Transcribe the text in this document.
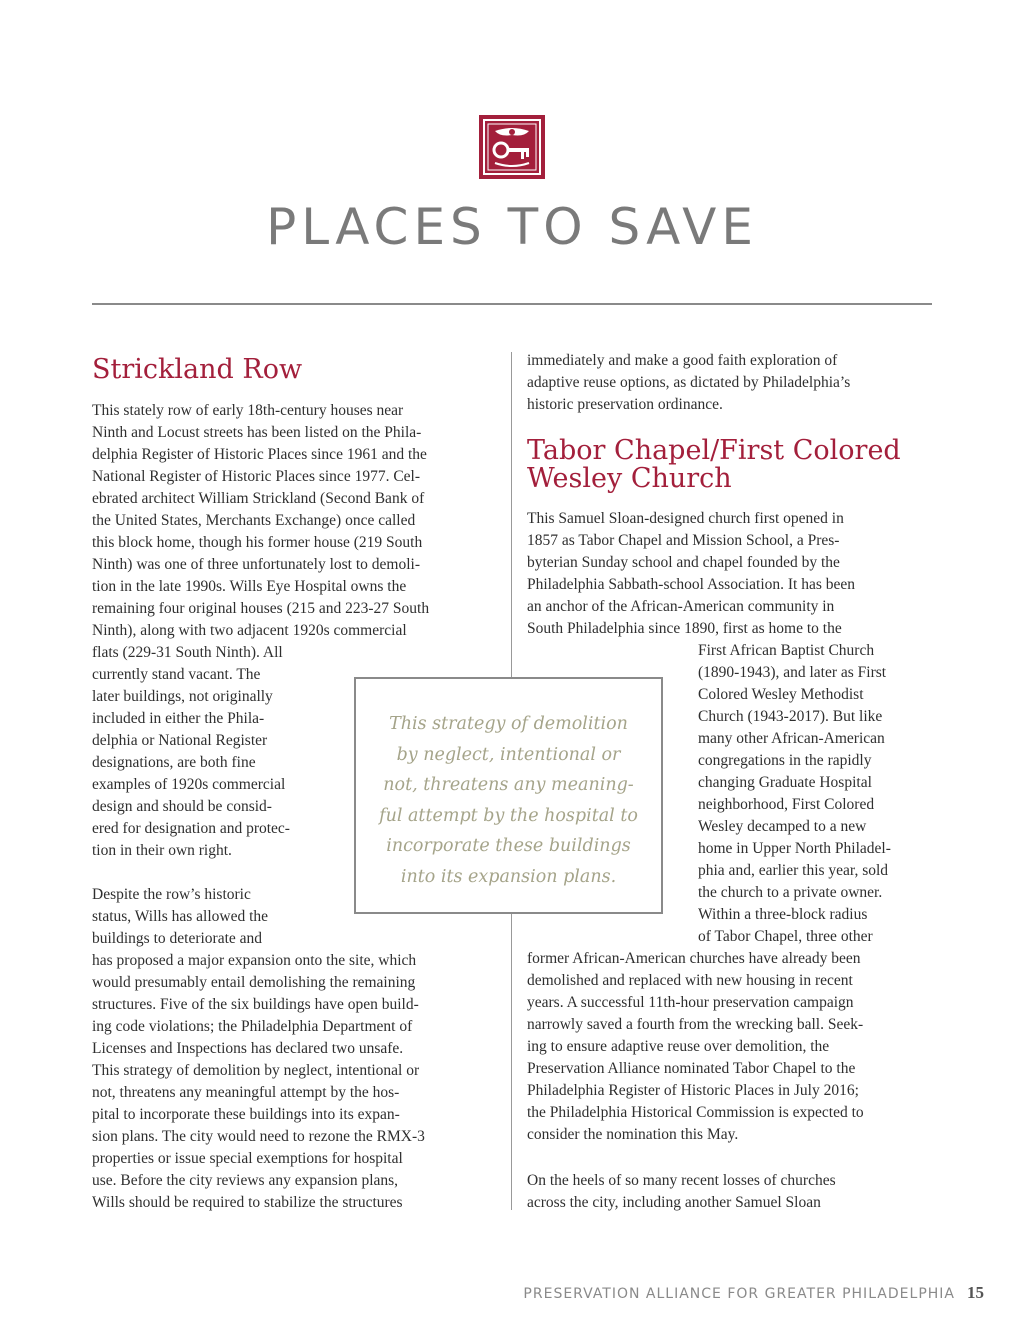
PLACES TO SAVE
Strickland Row
This stately row of early 18th-century houses near
Ninth and Locust streets has been listed on the Phila-
delphia Register of Historic Places since 1961 and the
National Register of Historic Places since 1977. Cel-
ebrated architect William Strickland (Second Bank of
the United States, Merchants Exchange) once called
this block home, though his former house (219 South
Ninth) was one of three unfortunately lost to demoli-
tion in the late 1990s. Wills Eye Hospital owns the
remaining four original houses (215 and 223-27 South
Ninth), along with two adjacent 1920s commercial
flats (229-31 South Ninth). All
currently stand vacant. The
later buildings, not originally
included in either the Phila-
delphia or National Register
designations, are both fine
examples of 1920s commercial
design and should be consid-
ered for designation and protec-
tion in their own right.
Despite the row’s historic
status, Wills has allowed the
buildings to deteriorate and
has proposed a major expansion onto the site, which
would presumably entail demolishing the remaining
structures. Five of the six buildings have open build-
ing code violations; the Philadelphia Department of
Licenses and Inspections has declared two unsafe.
This strategy of demolition by neglect, intentional or
not, threatens any meaningful attempt by the hos-
pital to incorporate these buildings into its expan-
sion plans. The city would need to rezone the RMX-3
properties or issue special exemptions for hospital
use. Before the city reviews any expansion plans,
Wills should be required to stabilize the structures
immediately and make a good faith exploration of
adaptive reuse options, as dictated by Philadelphia’s
historic preservation ordinance.
Tabor Chapel/First Colored
Wesley Church
This Samuel Sloan-designed church first opened in
1857 as Tabor Chapel and Mission School, a Pres-
byterian Sunday school and chapel founded by the
Philadelphia Sabbath-school Association. It has been
an anchor of the African-American community in
South Philadelphia since 1890, first as home to the
First African Baptist Church
(1890-1943), and later as First
Colored Wesley Methodist
Church (1943-2017). But like
many other African-American
congregations in the rapidly
changing Graduate Hospital
neighborhood, First Colored
Wesley decamped to a new
home in Upper North Philadel-
phia and, earlier this year, sold
the church to a private owner.
Within a three-block radius
of Tabor Chapel, three other
former African-American churches have already been
demolished and replaced with new housing in recent
years. A successful 11th-hour preservation campaign
narrowly saved a fourth from the wrecking ball. Seek-
ing to ensure adaptive reuse over demolition, the
Preservation Alliance nominated Tabor Chapel to the
Philadelphia Register of Historic Places in July 2016;
the Philadelphia Historical Commission is expected to
consider the nomination this May.
On the heels of so many recent losses of churches
across the city, including another Samuel Sloan
This strategy of demolition
by neglect, intentional or
not, threatens any meaning-
ful attempt by the hospital to
incorporate these buildings
into its expansion plans.
PRESERVATION ALLIANCE FOR GREATER PHILADELPHIA 15
